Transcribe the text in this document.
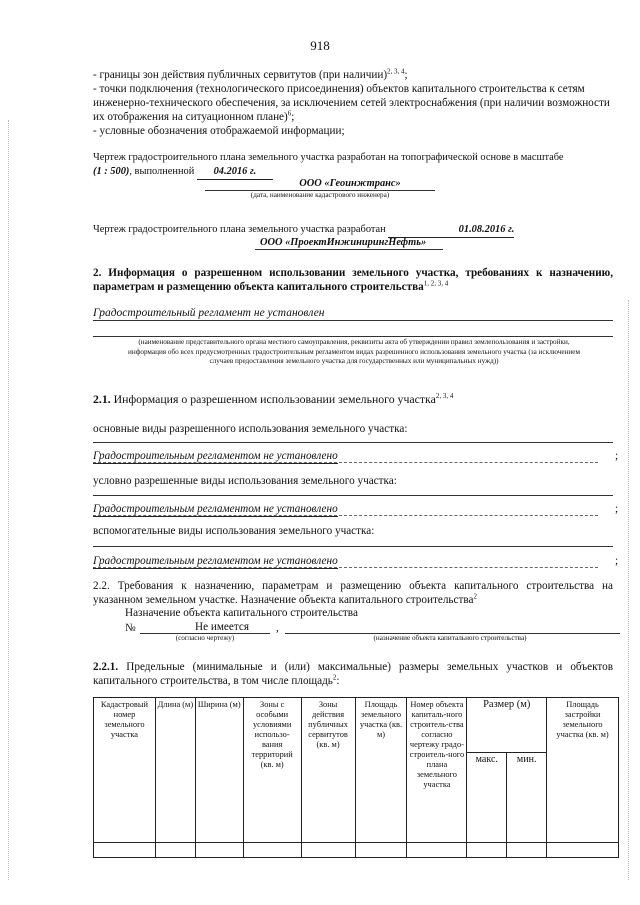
918
- границы зон действия публичных сервитутов (при наличии)$^{2, 3, 4}$;
- точки подключения (технологического присоединения) объектов капитального строительства к сетям инженерно-технического обеспечения, за исключением сетей электроснабжения (при наличии возможности их отображения на ситуационном плане)$^6$;
- условные обозначения отображаемой информации;
Чертеж градостроительного плана земельного участка разработан на топографической основе в масштабе
(1 : 500), выполненной 04.2016 г.
ООО «Геоинжтранс»
(дата, наименование кадастрового инженера)
Чертеж градостроительного плана земельного участка разработан	01.08.2016 г.
ООО «ПроектИнжинирингНефть»
2. Информация о разрешенном использовании земельного участка, требованиях к назначению, параметрам и размещению объекта капитального строительства$^{1, 2, 3, 4}$
Градостроительный регламент не установлен
(наименование представительного органа местного самоуправления, реквизиты акта об утверждении правил землепользования и застройки, информация обо всех предусмотренных градостроительным регламентом видах разрешенного использования земельного участка (за исключением случаев предоставления земельного участка для государственных или муниципальных нужд))
2.1. Информация о разрешенном использовании земельного участка$^{2, 3, 4}$
основные виды разрешенного использования земельного участка:
Градостроительным регламентом не установлено	;
условно разрешенные виды использования земельного участка:
Градостроительным регламентом не установлено	;
вспомогательные виды использования земельного участка:
Градостроительным регламентом не установлено	;
2.2. Требования к назначению, параметрам и размещению объекта капитального строительства на указанном земельном участке. Назначение объекта капитального строительства$^2$
Назначение объекта капитального строительства
№	Не имеется ,
(согласно чертежу)	(назначение объекта капитального строительства)
2.2.1. Предельные (минимальные и (или) максимальные) размеры земельных участков и объектов капитального строительства, в том числе площадь$^2$:
Кадастровый номер земельного участка	Длина (м)	Ширина (м)	Зоны с особыми условиями использо-вания территорий (кв. м)	Зоны действия публичных сервитутов (кв. м)	Площадь земельного участка (кв. м)	Номер объекта капиталь-ного строитель-ства согласно чертежу градо-строитель-ного плана земельного участка	Размер (м)		Площадь застройки земельного участка (кв. м)
							макс.	мин.	
